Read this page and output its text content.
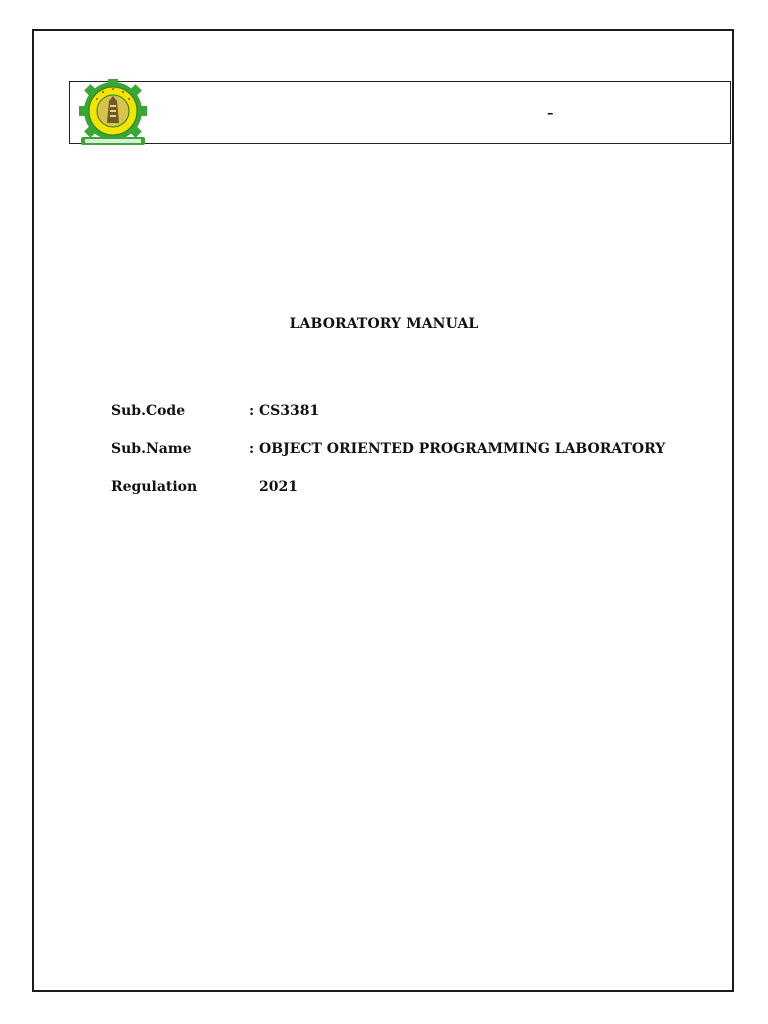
–
LABORATORY MANUAL
Sub.Code	: CS3381
Sub.Name	: OBJECT ORIENTED PROGRAMMING LABORATORY
Regulation	2021
